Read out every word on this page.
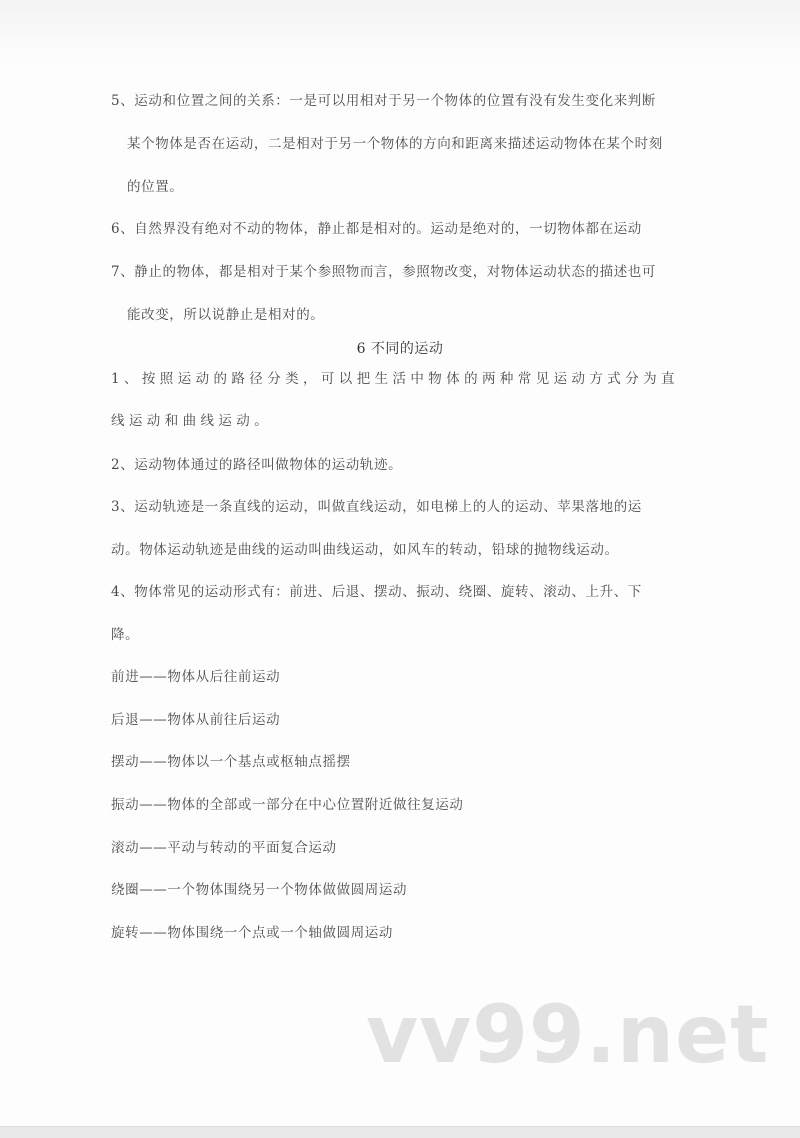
5、运动和位置之间的关系：一是可以用相对于另一个物体的位置有没有发生变化来判断
某个物体是否在运动，二是相对于另一个物体的方向和距离来描述运动物体在某个时刻
的位置。
6、自然界没有绝对不动的物体，静止都是相对的。运动是绝对的，一切物体都在运动
7、静止的物体，都是相对于某个参照物而言，参照物改变，对物体运动状态的描述也可
能改变，所以说静止是相对的。
6 不同的运动
1、按照运动的路径分类，可以把生活中物体的两种常见运动方式分为直
线运动和曲线运动。
2、运动物体通过的路径叫做物体的运动轨迹。
3、运动轨迹是一条直线的运动，叫做直线运动，如电梯上的人的运动、苹果落地的运
动。物体运动轨迹是曲线的运动叫曲线运动，如风车的转动，铅球的抛物线运动。
4、物体常见的运动形式有：前进、后退、摆动、振动、绕圈、旋转、滚动、上升、下
降。
前进——物体从后往前运动
后退——物体从前往后运动
摆动——物体以一个基点或枢轴点摇摆
振动——物体的全部或一部分在中心位置附近做往复运动
滚动——平动与转动的平面复合运动
绕圈——一个物体围绕另一个物体做做圆周运动
旋转——物体围绕一个点或一个轴做圆周运动
vv99.net
